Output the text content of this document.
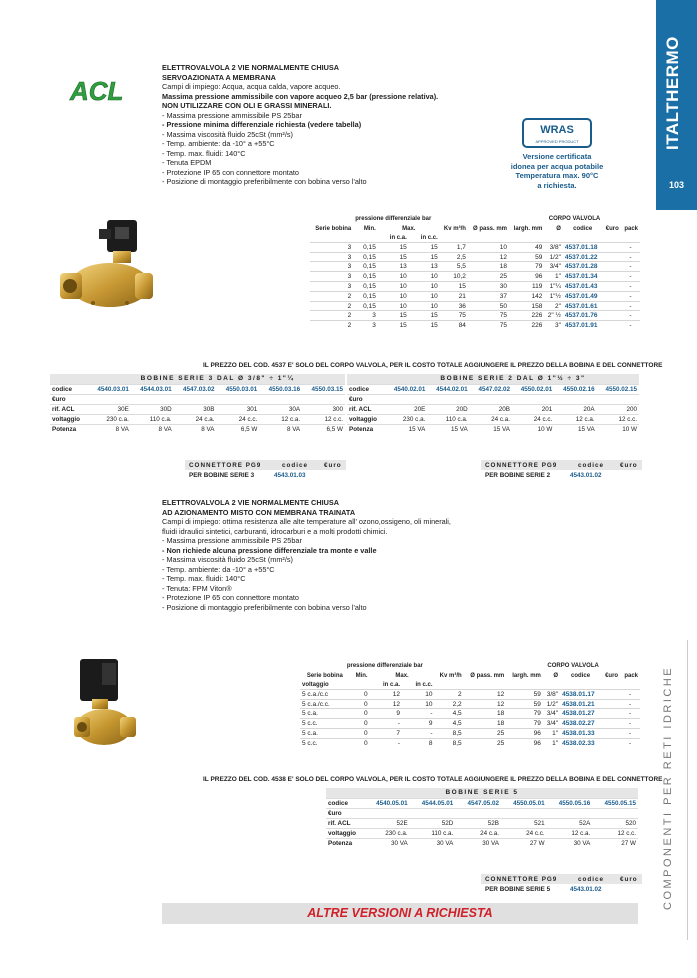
ITALTHERMO
103
COMPONENTI PER RETI IDRICHE
ACL
ELETTROVALVOLA 2 VIE NORMALMENTE CHIUSA
SERVOAZIONATA A MEMBRANA
Campi di impiego: Acqua, acqua calda, vapore acqueo.
Massima pressione ammissibile con vapore acqueo 2,5 bar (pressione relativa).
NON UTILIZZARE CON OLI E GRASSI MINERALI.
- Massima pressione ammissibile PS 25bar
- Pressione minima differenziale richiesta (vedere tabella)
- Massima viscosità fluido 25cSt (mm²/s)
- Temp. ambiente: da -10° a +55°C
- Temp. max. fluidi: 140°C
- Tenuta EPDM
- Protezione IP 65 con connettore montato
- Posizione di montaggio preferibilmente con bobina verso l'alto
WRAS
APPROVED PRODUCT
Versione certificata
idonea per acqua potabile
Temperatura max. 90°C
a richiesta.
	pressione differenziale bar					CORPO VALVOLA				
Serie bobina	Min.	Max.		Kv m³/h	Ø pass. mm	largh. mm	Ø	codice	€uro	pack
		in c.a.	in c.c.							
3	0,15	15	15	1,7	10	49	3/8"	4537.01.18		-
3	0,15	15	15	2,5	12	59	1/2"	4537.01.22		-
3	0,15	13	13	5,5	18	79	3/4"	4537.01.28		-
3	0,15	10	10	10,2	25	96	1"	4537.01.34		-
3	0,15	10	10	15	30	119	1"¼	4537.01.43		-
2	0,15	10	10	21	37	142	1"½	4537.01.49		-
2	0,15	10	10	36	50	158	2"	4537.01.61		-
2	3	15	15	75	75	226	2" ½	4537.01.76		-
2	3	15	15	84	75	226	3"	4537.01.91		-
IL PREZZO DEL COD. 4537 E' SOLO DEL CORPO VALVOLA, PER IL COSTO TOTALE AGGIUNGERE IL PREZZO DELLA BOBINA E DEL CONNETTORE
BOBINE SERIE 3 DAL Ø 3/8" ÷ 1"¼
codice	4540.03.01	4544.03.01	4547.03.02	4550.03.01	4550.03.16	4550.03.15
€uro						
rif. ACL	30E	30D	30B	301	30A	300
voltaggio	230 c.a.	110 c.a.	24 c.a.	24 c.c.	12 c.a.	12 c.c.
Potenza	8 VA	8 VA	8 VA	6,5 W	8 VA	6,5 W
BOBINE SERIE 2 DAL Ø 1"½ ÷ 3"
codice	4540.02.01	4544.02.01	4547.02.02	4550.02.01	4550.02.16	4550.02.15
€uro						
rif. ACL	20E	20D	20B	201	20A	200
voltaggio	230 c.a.	110 c.a.	24 c.a.	24 c.c.	12 c.a.	12 c.c.
Potenza	15 VA	15 VA	15 VA	10 W	15 VA	10 W
CONNETTORE PG9	codice	€uro
PER BOBINE SERIE 3	4543.01.03	
CONNETTORE PG9	codice	€uro
PER BOBINE SERIE 2	4543.01.02	
ELETTROVALVOLA 2 VIE NORMALMENTE CHIUSA
AD AZIONAMENTO MISTO CON MEMBRANA TRAINATA
Campi di impiego: ottima resistenza alle alte temperature all' ozono,ossigeno, oli minerali,
fluidi idraulici sintetici, carburanti, idrocarburi e a molti prodotti chimici.
- Massima pressione ammissibile PS 25bar
- Non richiede alcuna pressione differenziale tra monte e valle
- Massima viscosità fluido 25cSt (mm²/s)
- Temp. ambiente: da -10° a +55°C
- Temp. max. fluidi: 140°C
- Tenuta: FPM Viton®
- Protezione IP 65 con connettore montato
- Posizione di montaggio preferibilmente con bobina verso l'alto
	pressione differenziale bar					CORPO VALVOLA				
Serie bobina	Min.	Max.		Kv m³/h	Ø pass. mm	largh. mm	Ø	codice	€uro	pack
voltaggio		in c.a.	in c.c.							
5 c.a./c.c	0	12	10	2	12	59	3/8"	4538.01.17		-
5 c.a./c.c.	0	12	10	2,2	12	59	1/2"	4538.01.21		-
5 c.a.	0	9	-	4,5	18	79	3/4"	4538.01.27		-
5 c.c.	0	-	9	4,5	18	79	3/4"	4538.02.27		-
5 c.a.	0	7	-	8,5	25	96	1"	4538.01.33		-
5 c.c.	0	-	8	8,5	25	96	1"	4538.02.33		-
IL PREZZO DEL COD. 4538 E' SOLO DEL CORPO VALVOLA, PER IL COSTO TOTALE AGGIUNGERE IL PREZZO DELLA BOBINA E DEL CONNETTORE
BOBINE SERIE 5
codice	4540.05.01	4544.05.01	4547.05.02	4550.05.01	4550.05.16	4550.05.15
€uro						
rif. ACL	52E	52D	52B	521	52A	520
voltaggio	230 c.a.	110 c.a.	24 c.a.	24 c.c.	12 c.a.	12 c.c.
Potenza	30 VA	30 VA	30 VA	27 W	30 VA	27 W
CONNETTORE PG9	codice	€uro
PER BOBINE SERIE 5	4543.01.02	
ALTRE VERSIONI A RICHIESTA
